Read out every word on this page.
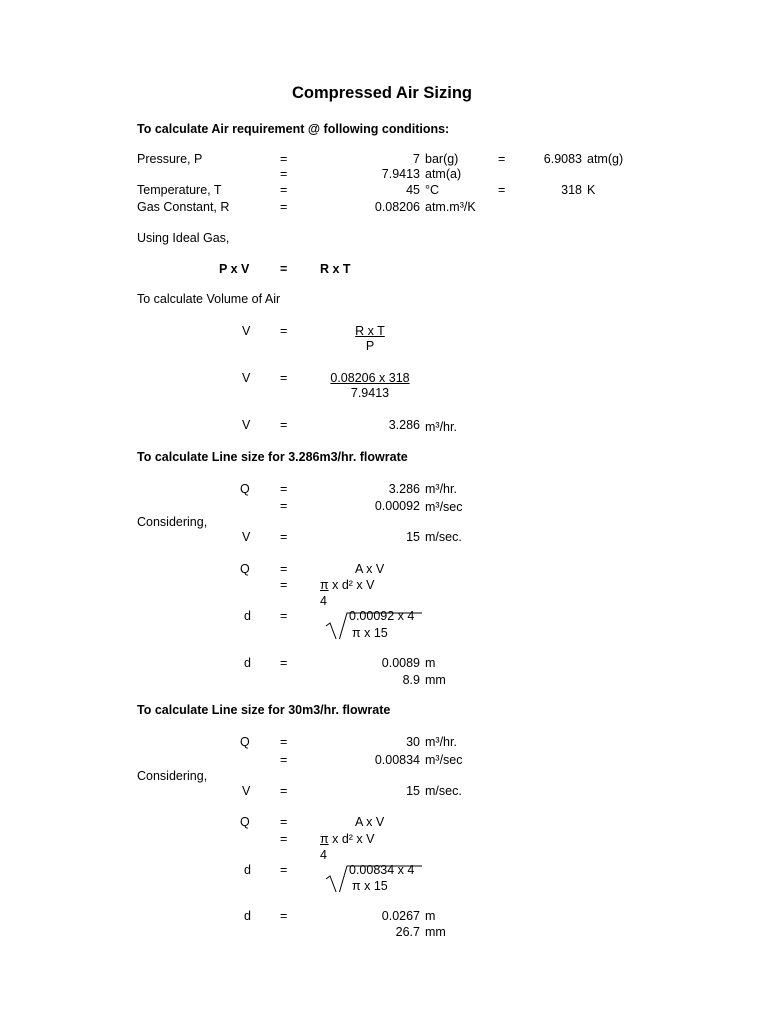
Compressed Air Sizing
To calculate Air requirement @ following conditions:
Pressure, P	=	7 bar(g)	=	6.9083 atm(g)
=	7.9413 atm(a)
Temperature, T	=	45 °C	=	318 K
Gas Constant, R	=	0.08206 atm.m³/K
Using Ideal Gas,
P x V =	R x T
To calculate Volume of Air
V =	R x T
P
V =	0.08206 x 318
7.9413
V =	3.286 m³/hr.
To calculate Line size for 3.286m3/hr. flowrate
Q =	3.286 m³/hr.
=	0.00092 m³/sec
Considering,
V =	15 m/sec.
Q =	A x V
=	π x d² x V
4
d =	0.00092 x 4
π x 15
d =	0.0089 m
8.9 mm
To calculate Line size for 30m3/hr. flowrate
Q =	30 m³/hr.
=	0.00834 m³/sec
Considering,
V =	15 m/sec.
Q =	A x V
=	π x d² x V
4
d =	0.00834 x 4
π x 15
d =	0.0267 m
26.7 mm
